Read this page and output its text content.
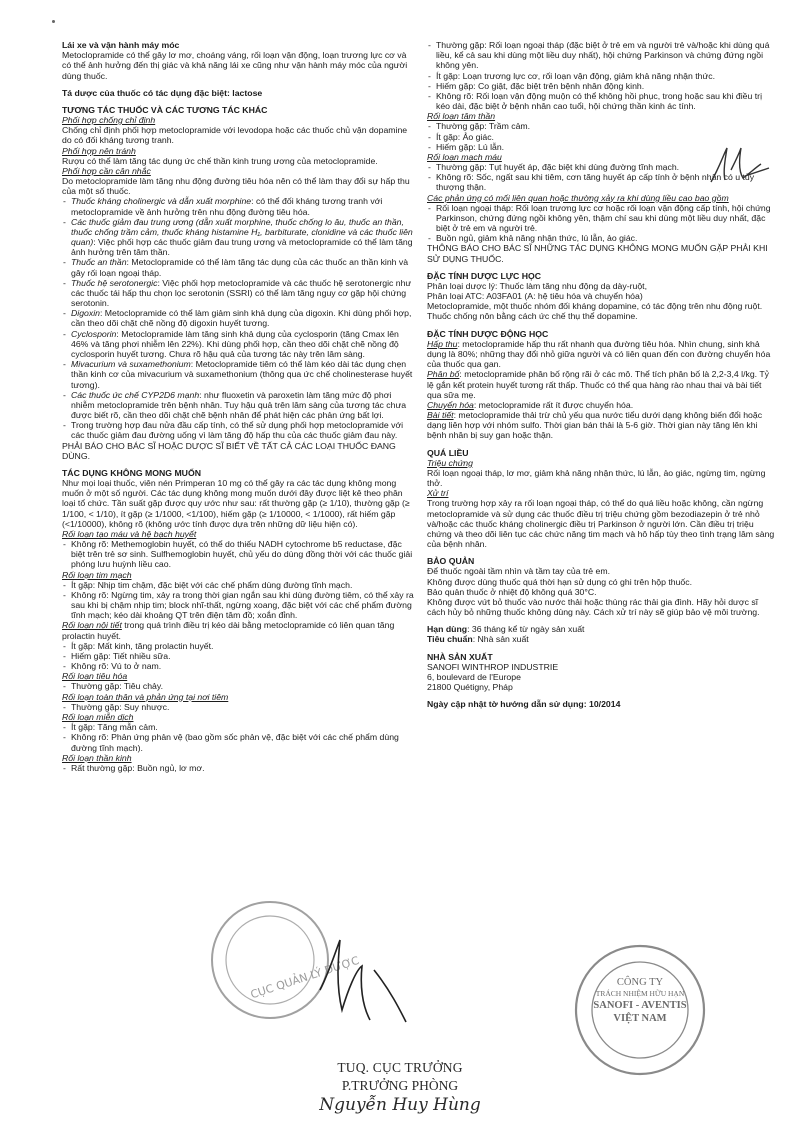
Lái xe và vận hành máy móc

Metoclopramide có thể gây lơ mơ, choáng váng, rối loạn vận động, loạn trương lực cơ và có thể ảnh hưởng đến thị giác và khả năng lái xe cũng như vận hành máy móc của người dùng thuốc.

Tá dược của thuốc có tác dụng đặc biệt: lactose

TƯƠNG TÁC THUỐC VÀ CÁC TƯƠNG TÁC KHÁC

Phối hợp chống chỉ định

Chống chỉ định phối hợp metoclopramide với levodopa hoặc các thuốc chủ vận dopamine do có đối kháng tương tranh.

Phối hợp nên tránh

Rượu có thể làm tăng tác dụng ức chế thần kinh trung ương của metoclopramide.

Phối hợp cần cân nhắc

Do metoclopramide làm tăng nhu động đường tiêu hóa nên có thể làm thay đổi sự hấp thu của một số thuốc.

- Thuốc kháng cholinergic và dẫn xuất morphine: có thể đối kháng tương tranh với metoclopramide về ảnh hưởng trên nhu động đường tiêu hóa.
- Các thuốc giảm đau trung ương (dẫn xuất morphine, thuốc chống lo âu, thuốc an thần, thuốc chống trầm cảm, thuốc kháng histamine H₁, barbiturate, clonidine và các thuốc liên quan): Việc phối hợp các thuốc giảm đau trung ương và metoclopramide có thể làm tăng ảnh hưởng trên tâm thần.
- Thuốc an thần: Metoclopramide có thể làm tăng tác dụng của các thuốc an thần kinh và gây rối loạn ngoại tháp.
- Thuốc hệ serotonergic: Việc phối hợp metoclopramide và các thuốc hệ serotonergic như các thuốc tái hấp thu chọn lọc serotonin (SSRI) có thể làm tăng nguy cơ gặp hội chứng serotonin.
- Digoxin: Metoclopramide có thể làm giảm sinh khả dụng của digoxin. Khi dùng phối hợp, cần theo dõi chặt chẽ nồng độ digoxin huyết tương.
- Cyclosporin: Metoclopramide làm tăng sinh khả dụng của cyclosporin (tăng Cmax lên 46% và tăng phơi nhiễm lên 22%). Khi dùng phối hợp, cần theo dõi chặt chẽ nồng độ cyclosporin huyết tương. Chưa rõ hậu quả của tương tác này trên lâm sàng.
- Mivacurium và suxamethonium: Metoclopramide tiêm có thể làm kéo dài tác dụng chẹn thần kinh cơ của mivacurium và suxamethonium (thông qua ức chế cholinesterase huyết tương).
- Các thuốc ức chế CYP2D6 mạnh: như fluoxetin và paroxetin làm tăng mức độ phơi nhiễm metoclopramide trên bệnh nhân. Tuy hậu quả trên lâm sàng của tương tác chưa được biết rõ, cần theo dõi chặt chẽ bệnh nhân để phát hiện các phản ứng bất lợi.
- Trong trường hợp đau nửa đầu cấp tính, có thể sử dụng phối hợp metoclopramide với các thuốc giảm đau đường uống vì làm tăng độ hấp thu của các thuốc giảm đau này.

PHẢI BÁO CHO BÁC SĨ HOẶC DƯỢC SĨ BIẾT VỀ TẤT CẢ CÁC LOẠI THUỐC ĐANG DÙNG.

TÁC DỤNG KHÔNG MONG MUỐN

Như mọi loại thuốc, viên nén Primperan 10 mg có thể gây ra các tác dụng không mong muốn ở một số người. Các tác dụng không mong muốn dưới đây được liệt kê theo phân loại tổ chức. Tần suất gặp được quy ước như sau: rất thường gặp (≥ 1/10), thường gặp (≥ 1/100, < 1/10), ít gặp (≥ 1/1000, <1/100), hiếm gặp (≥ 1/10000, < 1/1000), rất hiếm gặp (<1/10000), không rõ (không ước tính được dựa trên những dữ liệu hiện có).

Rối loạn tạo máu và hệ bạch huyết

- Không rõ: Methemoglobin huyết, có thể do thiếu NADH cytochrome b5 reductase, đặc biệt trên trẻ sơ sinh. Sulfhemoglobin huyết, chủ yếu do dùng đồng thời với các thuốc giải phóng lưu huỳnh liều cao.

Rối loạn tim mạch

- Ít gặp: Nhịp tim chậm, đặc biệt với các chế phẩm dùng đường tĩnh mạch.
- Không rõ: Ngừng tim, xảy ra trong thời gian ngắn sau khi dùng đường tiêm, có thể xảy ra sau khi bị chậm nhịp tim; block nhĩ-thất, ngừng xoang, đặc biệt với các chế phẩm đường tĩnh mạch; kéo dài khoảng QT trên điện tâm đồ; xoắn đỉnh.

Rối loạn nội tiết trong quá trình điều trị kéo dài bằng metoclopramide có liên quan tăng prolactin huyết.

- Ít gặp: Mất kinh, tăng prolactin huyết.
- Hiếm gặp: Tiết nhiều sữa.
- Không rõ: Vú to ở nam.

Rối loạn tiêu hóa

- Thường gặp: Tiêu chảy.

Rối loạn toàn thân và phản ứng tại nơi tiêm

- Thường gặp: Suy nhược.

Rối loạn miễn dịch

- Ít gặp: Tăng mẫn cảm.
- Không rõ: Phản ứng phản vệ (bao gồm sốc phản vệ, đặc biệt với các chế phẩm dùng đường tĩnh mạch).

Rối loạn thần kinh

- Rất thường gặp: Buồn ngủ, lơ mơ.
- Thường gặp: Rối loạn ngoại tháp (đặc biệt ở trẻ em và người trẻ và/hoặc khi dùng quá liều, kể cả sau khi dùng một liều duy nhất), hội chứng Parkinson và chứng đứng ngồi không yên.
- Ít gặp: Loạn trương lực cơ, rối loạn vận động, giảm khả năng nhận thức.
- Hiếm gặp: Co giật, đặc biệt trên bệnh nhân động kinh.
- Không rõ: Rối loạn vận động muộn có thể không hồi phục, trong hoặc sau khi điều trị kéo dài, đặc biệt ở bệnh nhân cao tuổi, hội chứng thần kinh ác tính.

Rối loạn tâm thần

- Thường gặp: Trầm cảm.
- Ít gặp: Ảo giác.
- Hiếm gặp: Lú lẫn.

Rối loạn mạch máu

- Thường gặp: Tụt huyết áp, đặc biệt khi dùng đường tĩnh mạch.
- Không rõ: Sốc, ngất sau khi tiêm, cơn tăng huyết áp cấp tính ở bệnh nhân có u tủy thượng thận.

Các phản ứng có mối liên quan hoặc thường xảy ra khi dùng liều cao bao gồm

- Rối loạn ngoại tháp: Rối loạn trương lực cơ hoặc rối loạn vận động cấp tính, hội chứng Parkinson, chứng đứng ngồi không yên, thậm chí sau khi dùng một liều duy nhất, đặc biệt ở trẻ em và người trẻ.
- Buồn ngủ, giảm khả năng nhận thức, lú lẫn, ảo giác.

THÔNG BÁO CHO BÁC SĨ NHỮNG TÁC DỤNG KHÔNG MONG MUỐN GẶP PHẢI KHI SỬ DỤNG THUỐC.

ĐẶC TÍNH DƯỢC LỰC HỌC

Phân loại dược lý: Thuốc làm tăng nhu động dạ dày-ruột,

Phân loại ATC: A03FA01 (A: hệ tiêu hóa và chuyển hóa)

Metoclopramide, một thuốc nhóm đối kháng dopamine, có tác động trên nhu động ruột. Thuốc chống nôn bằng cách ức chế thụ thể dopamine.

ĐẶC TÍNH DƯỢC ĐỘNG HỌC

Hấp thu: metoclopramide hấp thu rất nhanh qua đường tiêu hóa. Nhìn chung, sinh khả dụng là 80%; những thay đổi nhỏ giữa người và có liên quan đến con đường chuyển hóa của thuốc qua gan.

Phân bố: metoclopramide phân bố rộng rãi ở các mô. Thể tích phân bố là 2,2-3,4 l/kg. Tỷ lệ gắn kết protein huyết tương rất thấp. Thuốc có thể qua hàng rào nhau thai và bài tiết qua sữa mẹ.

Chuyển hóa: metoclopramide rất ít được chuyển hóa.

Bài tiết: metoclopramide thải trừ chủ yếu qua nước tiểu dưới dạng không biến đổi hoặc dạng liên hợp với nhóm sulfo. Thời gian bán thải là 5-6 giờ. Thời gian này tăng lên khi bệnh nhân bị suy gan hoặc thận.

QUÁ LIỀU

Triệu chứng

Rối loạn ngoại tháp, lơ mơ, giảm khả năng nhận thức, lú lẫn, ảo giác, ngừng tim, ngừng thở.

Xử trí

Trong trường hợp xảy ra rối loạn ngoại tháp, có thể do quá liều hoặc không, cần ngừng metoclopramide và sử dụng các thuốc điều trị triệu chứng gồm bezodiazepin ở trẻ nhỏ và/hoặc các thuốc kháng cholinergic điều trị Parkinson ở người lớn. Cần điều trị triệu chứng và theo dõi liên tục các chức năng tim mạch và hô hấp tùy theo tình trạng lâm sàng của bệnh nhân.

BẢO QUẢN

Để thuốc ngoài tầm nhìn và tầm tay của trẻ em.

Không được dùng thuốc quá thời hạn sử dụng có ghi trên hộp thuốc.

Bảo quản thuốc ở nhiệt độ không quá 30°C.

Không được vứt bỏ thuốc vào nước thải hoặc thùng rác thải gia đình. Hãy hỏi dược sĩ cách hủy bỏ những thuốc không dùng này. Cách xử trí này sẽ giúp bảo vệ môi trường.

Hạn dùng: 36 tháng kể từ ngày sản xuất

Tiêu chuẩn: Nhà sản xuất

NHÀ SẢN XUẤT

SANOFI WINTHROP INDUSTRIE

6, boulevard de l'Europe

21800 Quétigny, Pháp

Ngày cập nhật tờ hướng dẫn sử dụng: 10/2014

CỤC QUẢN LÝ DƯỢC	CÔNG TY
TRÁCH NHIỆM HỮU HẠN
SANOFI - AVENTIS
VIỆT NAM
TUQ. CỤC TRƯỞNG
P.TRƯỞNG PHÒNG
Nguyễn Huy Hùng
